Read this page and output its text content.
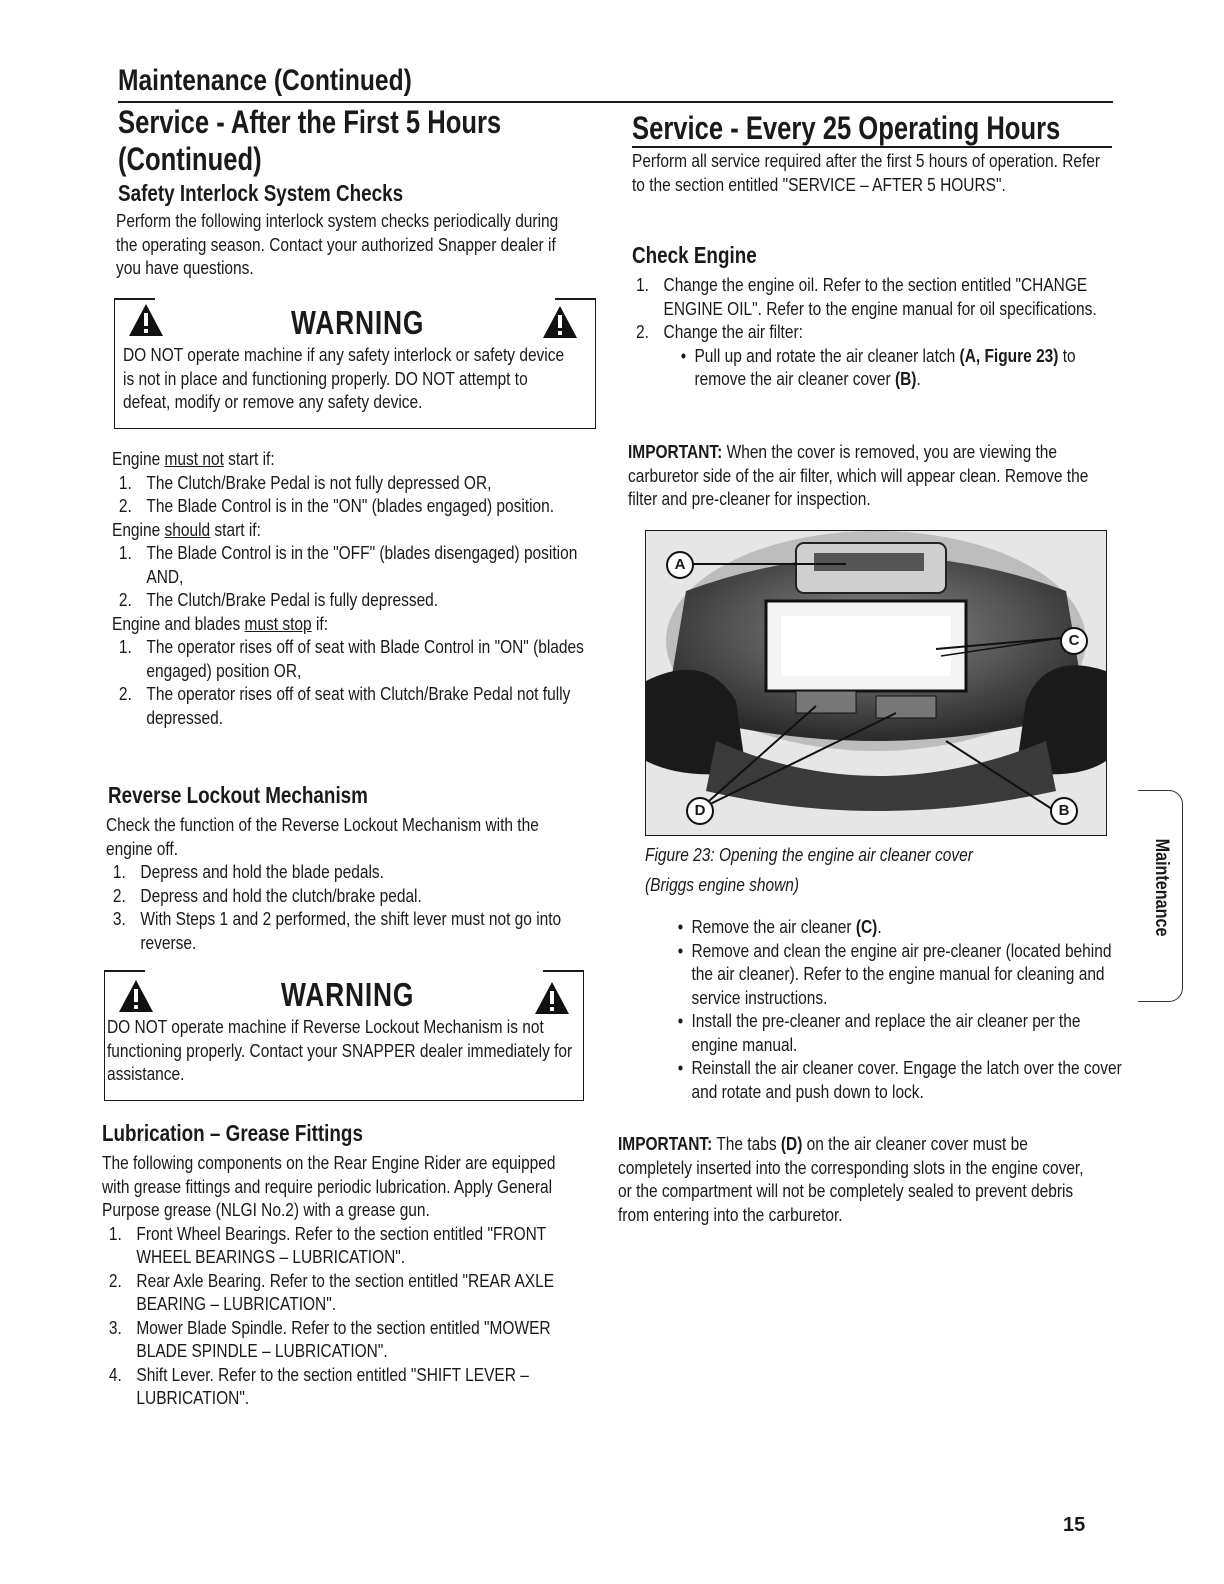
Maintenance (Continued)
Service - After the First 5 Hours
(Continued)
Safety Interlock System Checks
Perform the following interlock system checks periodically during the operating season. Contact your authorized Snapper dealer if you have questions.
WARNING
DO NOT operate machine if any safety interlock or safety device is not in place and functioning properly. DO NOT attempt to defeat, modify or remove any safety device.
Engine must not start if:
1. The Clutch/Brake Pedal is not fully depressed OR,
2. The Blade Control is in the "ON" (blades engaged) position.
Engine should start if:
1. The Blade Control is in the "OFF" (blades disengaged) position AND,
2. The Clutch/Brake Pedal is fully depressed.
Engine and blades must stop if:
1. The operator rises off of seat with Blade Control in "ON" (blades engaged) position OR,
2. The operator rises off of seat with Clutch/Brake Pedal not fully depressed.
Reverse Lockout Mechanism
Check the function of the Reverse Lockout Mechanism with the engine off.
1. Depress and hold the blade pedals.
2. Depress and hold the clutch/brake pedal.
3. With Steps 1 and 2 performed, the shift lever must not go into reverse.
WARNING
DO NOT operate machine if Reverse Lockout Mechanism is not functioning properly. Contact your SNAPPER dealer immediately for assistance.
Lubrication – Grease Fittings
The following components on the Rear Engine Rider are equipped with grease fittings and require periodic lubrication. Apply General Purpose grease (NLGI No.2) with a grease gun.
1. Front Wheel Bearings. Refer to the section entitled "FRONT WHEEL BEARINGS – LUBRICATION".
2. Rear Axle Bearing. Refer to the section entitled "REAR AXLE BEARING – LUBRICATION".
3. Mower Blade Spindle. Refer to the section entitled "MOWER BLADE SPINDLE – LUBRICATION".
4. Shift Lever. Refer to the section entitled "SHIFT LEVER – LUBRICATION".
Service - Every 25 Operating Hours
Perform all service required after the first 5 hours of operation. Refer to the section entitled "SERVICE – AFTER 5 HOURS".
Check Engine
1. Change the engine oil. Refer to the section entitled "CHANGE ENGINE OIL". Refer to the engine manual for oil specifications.
2. Change the air filter:
• Pull up and rotate the air cleaner latch (A, Figure 23) to remove the air cleaner cover (B).
IMPORTANT: When the cover is removed, you are viewing the carburetor side of the air filter, which will appear clean. Remove the filter and pre-cleaner for inspection.
A
C
D	B
Figure 23: Opening the engine air cleaner cover
(Briggs engine shown)
• Remove the air cleaner (C).
• Remove and clean the engine air pre-cleaner (located behind the air cleaner). Refer to the engine manual for cleaning and service instructions.
• Install the pre-cleaner and replace the air cleaner per the engine manual.
• Reinstall the air cleaner cover. Engage the latch over the cover and rotate and push down to lock.
IMPORTANT: The tabs (D) on the air cleaner cover must be completely inserted into the corresponding slots in the engine cover, or the compartment will not be completely sealed to prevent debris from entering into the carburetor.
Maintenance
15
